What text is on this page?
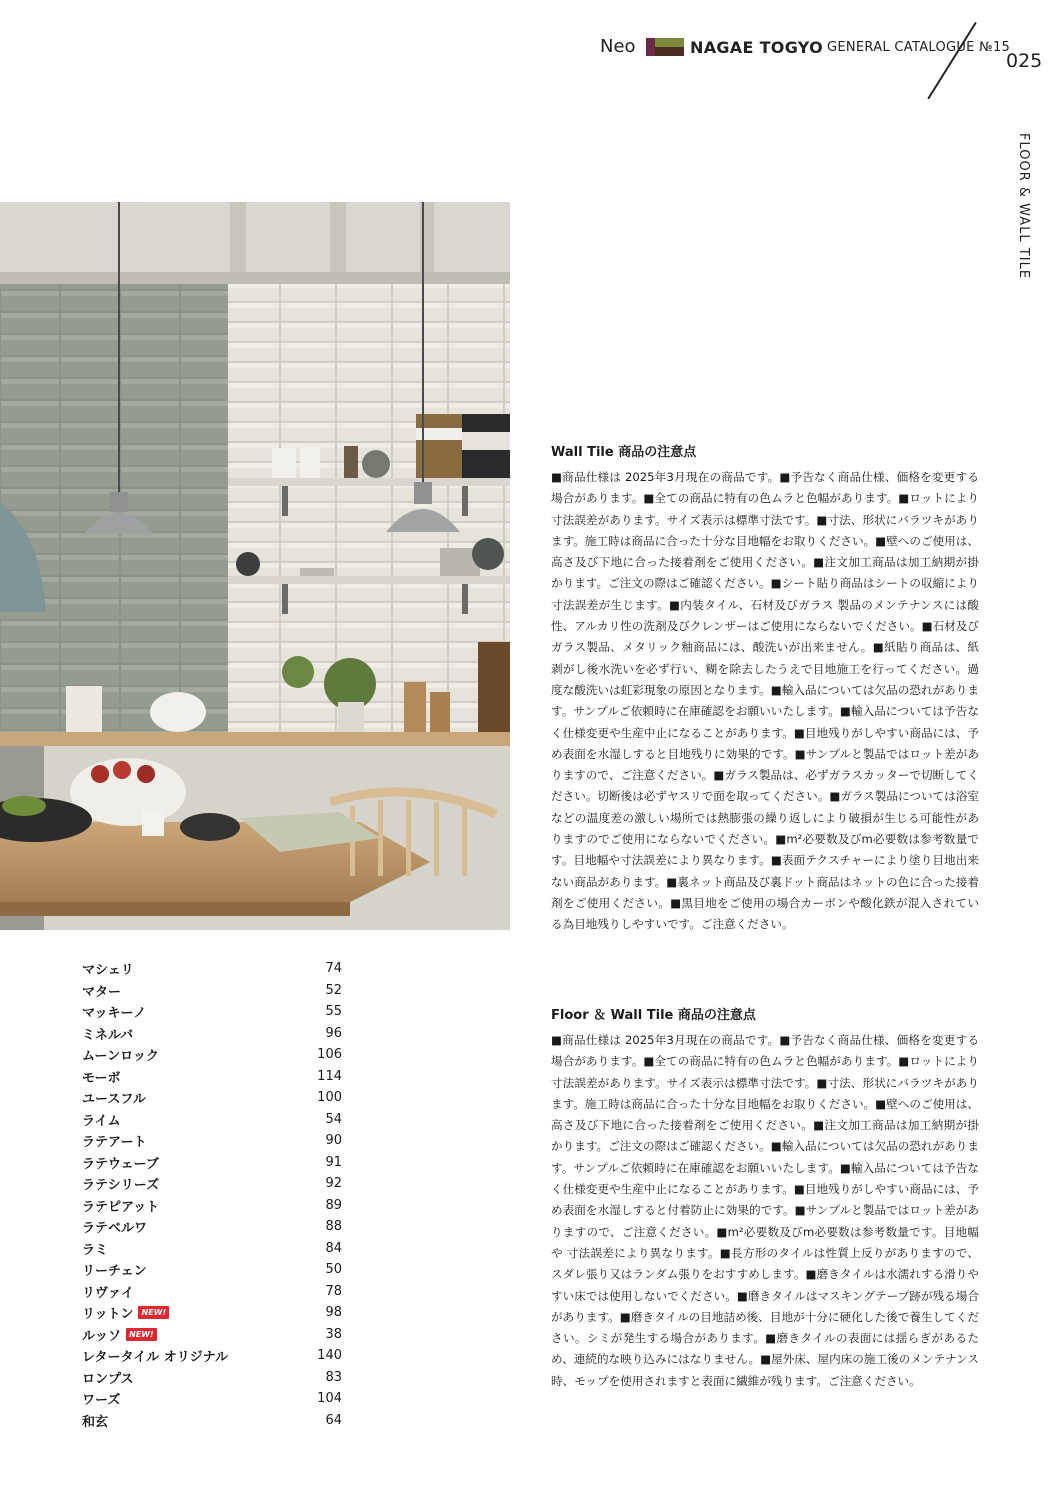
Neo	NAGAE TOGYO GENERAL CATALOGUE №15
025
FLOOR & WALL TILE
マシェリ	74
マター	52
マッキーノ	55
ミネルバ	96
ムーンロック	106
モーボ	114
ユースフル	100
ライム	54
ラテアート	90
ラテウェーブ	91
ラテシリーズ	92
ラテピアット	89
ラテベルワ	88
ラミ	84
リーチェン	50
リヴァイ	78
リットン	NEW!	98
ルッソ	NEW!	38
レタータイル オリジナル	140
ロンプス	83
ワーズ	104
和玄	64
Wall Tile 商品の注意点
■商品仕様は 2025年3月現在の商品です。■予告なく商品仕様、価格を変更する場合があります。■全ての商品に特有の色ムラと色幅があります。■ロットにより寸法誤差があります。サイズ表示は標準寸法です。■寸法、形状にバラツキがあります。施工時は商品に合った十分な目地幅をお取りください。■壁へのご使用は、高さ及び下地に合った接着剤をご使用ください。■注文加工商品は加工納期が掛かります。ご注文の際はご確認ください。■シート貼り商品はシートの収縮により寸法誤差が生じます。■内装タイル、石材及びガラス 製品のメンテナンスには酸性、アルカリ性の洗剤及びクレンザーはご使用にならないでください。■石材及びガラス製品、メタリック釉商品には、酸洗いが出来ません。■紙貼り商品は、紙剥がし後水洗いを必ず行い、糊を除去したうえで目地施工を行ってください。過度な酸洗いは虹彩現象の原因となります。■輸入品については欠品の恐れがあります。サンプルご依頼時に在庫確認をお願いいたします。■輸入品については予告なく仕様変更や生産中止になることがあります。■目地残りがしやすい商品には、予め表面を水湿しすると目地残りに効果的です。■サンプルと製品ではロット差がありますので、ご注意ください。■ガラス製品は、必ずガラスカッターで切断してください。切断後は必ずヤスリで面を取ってください。■ガラス製品については浴室などの温度差の激しい場所では熱膨張の繰り返しにより破損が生じる可能性がありますのでご使用にならないでください。■m²必要数及びm必要数は参考数量です。目地幅や寸法誤差により異なります。■表面テクスチャーにより塗り目地出来ない商品があります。■裏ネット商品及び裏ドット商品はネットの色に合った接着剤をご使用ください。■黒目地をご使用の場合カーボンや酸化鉄が混入されている為目地残りしやすいです。ご注意ください。
Floor ＆ Wall Tile 商品の注意点
■商品仕様は 2025年3月現在の商品です。■予告なく商品仕様、価格を変更する場合があります。■全ての商品に特有の色ムラと色幅があります。■ロットにより寸法誤差があります。サイズ表示は標準寸法です。■寸法、形状にバラツキがあります。施工時は商品に合った十分な目地幅をお取りください。■壁へのご使用は、高さ及び下地に合った接着剤をご使用ください。■注文加工商品は加工納期が掛かります。ご注文の際はご確認ください。■輸入品については欠品の恐れがあります。サンプルご依頼時に在庫確認をお願いいたします。■輸入品については予告なく仕様変更や生産中止になることがあります。■目地残りがしやすい商品には、予め表面を水湿しすると付着防止に効果的です。■サンプルと製品ではロット差がありますので、ご注意ください。■m²必要数及びm必要数は参考数量です。目地幅や 寸法誤差により異なります。■長方形のタイルは性質上反りがありますので、スダレ張り又はランダム張りをおすすめします。■磨きタイルは水濡れする滑りやすい床では使用しないでください。■磨きタイルはマスキングテープ跡が残る場合があります。■磨きタイルの目地詰め後、目地が十分に硬化した後で養生してください。シミが発生する場合があります。■磨きタイルの表面には揺らぎがあるため、連続的な映り込みにはなりません。■屋外床、屋内床の施工後のメンテナンス時、モップを使用されますと表面に繊維が残ります。ご注意ください。
